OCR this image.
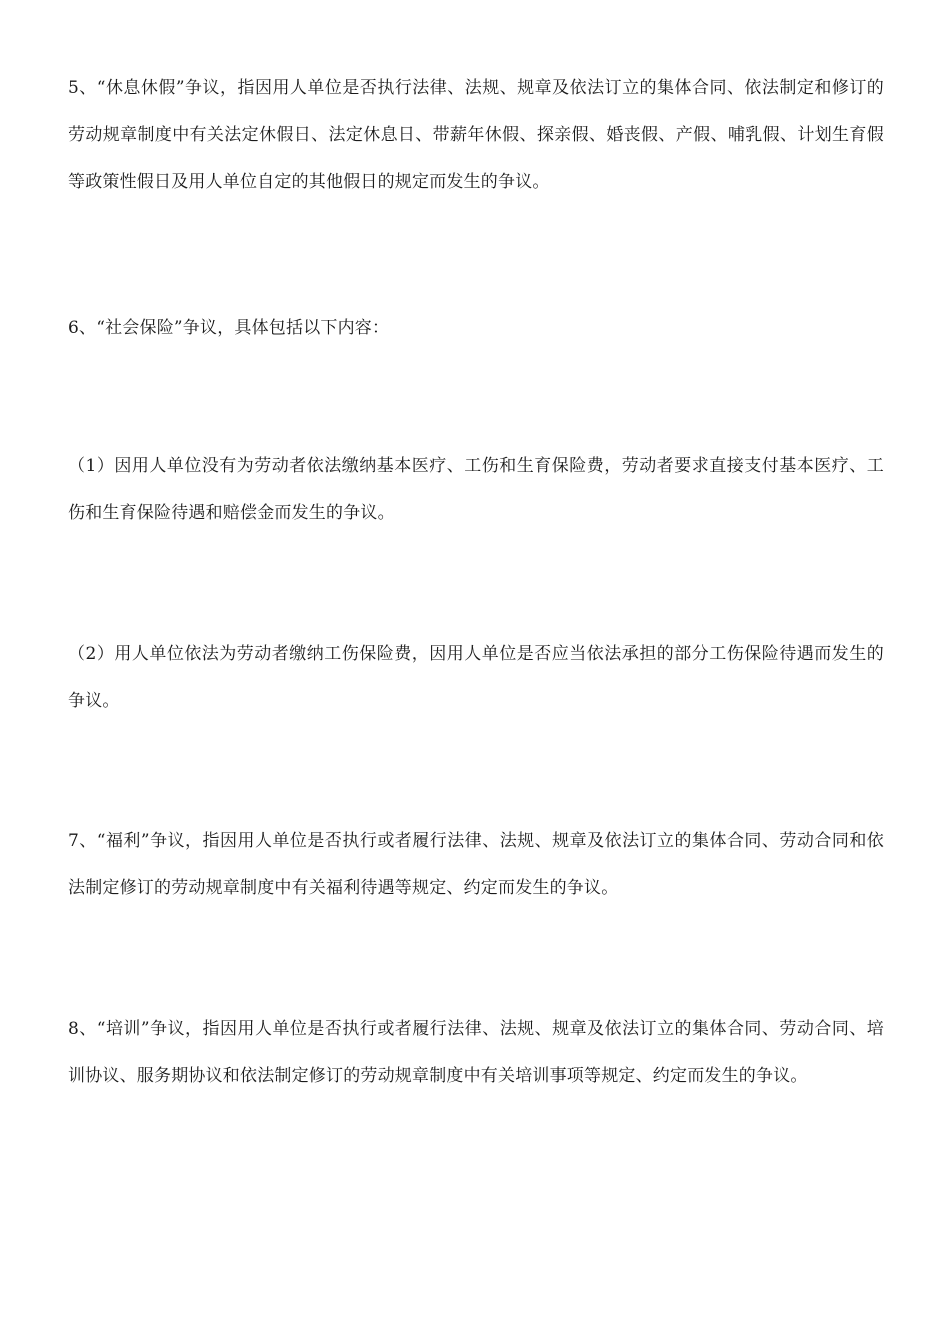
5、“休息休假”争议，指因用人单位是否执行法律、法规、规章及依法订立的集体合同、依法制定和修订的劳动规章制度中有关法定休假日、法定休息日、带薪年休假、探亲假、婚丧假、产假、哺乳假、计划生育假等政策性假日及用人单位自定的其他假日的规定而发生的争议。

6、“社会保险”争议，具体包括以下内容：

（1）因用人单位没有为劳动者依法缴纳基本医疗、工伤和生育保险费，劳动者要求直接支付基本医疗、工伤和生育保险待遇和赔偿金而发生的争议。

（2）用人单位依法为劳动者缴纳工伤保险费，因用人单位是否应当依法承担的部分工伤保险待遇而发生的争议。

7、“福利”争议，指因用人单位是否执行或者履行法律、法规、规章及依法订立的集体合同、劳动合同和依法制定修订的劳动规章制度中有关福利待遇等规定、约定而发生的争议。

8、“培训”争议，指因用人单位是否执行或者履行法律、法规、规章及依法订立的集体合同、劳动合同、培训协议、服务期协议和依法制定修订的劳动规章制度中有关培训事项等规定、约定而发生的争议。
